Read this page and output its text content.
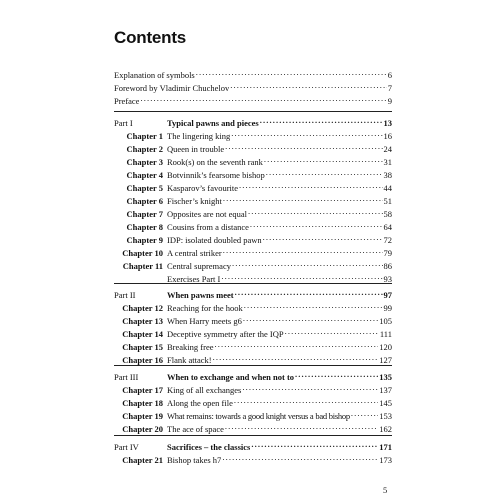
Contents
Explanation of symbols . . .	6
Foreword by Vladimir Chuchelov . . .	7
Preface . . .	9
Part I	Typical pawns and pieces . . .	13
Chapter 1 The lingering king . . .	16
Chapter 2 Queen in trouble . . .	24
Chapter 3 Rook(s) on the seventh rank . . .	31
Chapter 4 Botvinnik’s fearsome bishop . . .	38
Chapter 5 Kasparov’s favourite . . .	44
Chapter 6 Fischer’s knight . . .	51
Chapter 7 Opposites are not equal . . .	58
Chapter 8 Cousins from a distance . . .	64
Chapter 9 IDP: isolated doubled pawn . . .	72
Chapter 10 A central striker . . .	79
Chapter 11 Central supremacy . . .	86
Exercises Part I . . .	93
Part II	When pawns meet . . .	97
Chapter 12 Reaching for the hook . . .	99
Chapter 13 When Harry meets g6 . . .	105
Chapter 14 Deceptive symmetry after the IQP . . .	111
Chapter 15 Breaking free . . .	120
Chapter 16 Flank attack! . . .	127
Part III	When to exchange and when not to . . .	135
Chapter 17 King of all exchanges . . .	137
Chapter 18 Along the open file . . .	145
Chapter 19 What remains: towards a good knight versus a bad bishop . . .	153
Chapter 20 The ace of space . . .	162
Part IV	Sacrifices – the classics . . .	171
Chapter 21 Bishop takes h7 . . .	173
5
